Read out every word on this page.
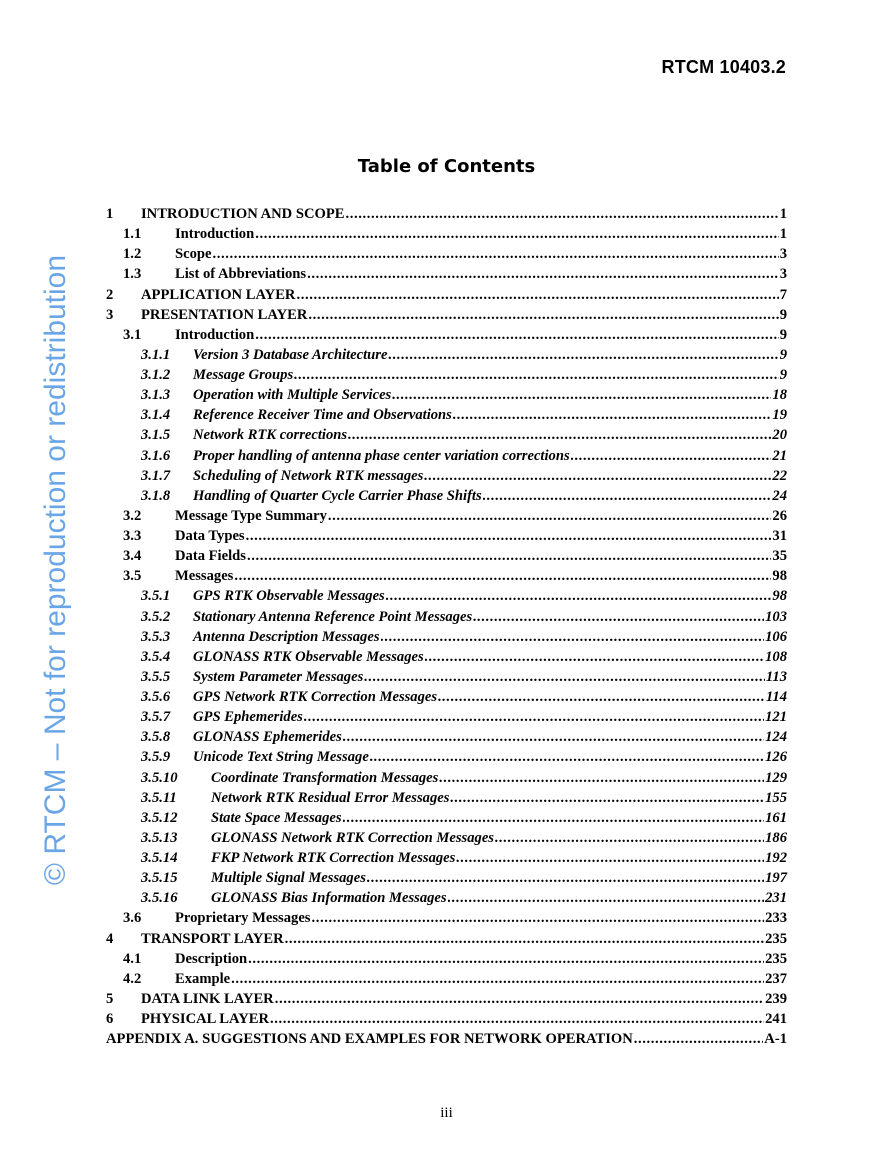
RTCM 10403.2
© RTCM – Not for reproduction or redistribution
Table of Contents
1	INTRODUCTION AND SCOPE .....	1
1.1	Introduction .....	1
1.2	Scope .....	3
1.3	List of Abbreviations .....	3
2	APPLICATION LAYER .....	7
3	PRESENTATION LAYER .....	9
3.1	Introduction .....	9
3.1.1	Version 3 Database Architecture .....	9
3.1.2	Message Groups .....	9
3.1.3	Operation with Multiple Services .....	18
3.1.4	Reference Receiver Time and Observations .....	19
3.1.5	Network RTK corrections .....	20
3.1.6	Proper handling of antenna phase center variation corrections .....	21
3.1.7	Scheduling of Network RTK messages .....	22
3.1.8	Handling of Quarter Cycle Carrier Phase Shifts .....	24
3.2	Message Type Summary .....	26
3.3	Data Types .....	31
3.4	Data Fields .....	35
3.5	Messages .....	98
3.5.1	GPS RTK Observable Messages .....	98
3.5.2	Stationary Antenna Reference Point Messages .....	103
3.5.3	Antenna Description Messages .....	106
3.5.4	GLONASS RTK Observable Messages .....	108
3.5.5	System Parameter Messages .....	113
3.5.6	GPS Network RTK Correction Messages .....	114
3.5.7	GPS Ephemerides .....	121
3.5.8	GLONASS Ephemerides .....	124
3.5.9	Unicode Text String Message .....	126
3.5.10	Coordinate Transformation Messages .....	129
3.5.11	Network RTK Residual Error Messages .....	155
3.5.12	State Space Messages .....	161
3.5.13	GLONASS Network RTK Correction Messages .....	186
3.5.14	FKP Network RTK Correction Messages .....	192
3.5.15	Multiple Signal Messages .....	197
3.5.16	GLONASS Bias Information Messages .....	231
3.6	Proprietary Messages .....	233
4	TRANSPORT LAYER .....	235
4.1	Description .....	235
4.2	Example .....	237
5	DATA LINK LAYER .....	239
6	PHYSICAL LAYER .....	241
APPENDIX A. SUGGESTIONS AND EXAMPLES FOR NETWORK OPERATION .....	A-1
iii
